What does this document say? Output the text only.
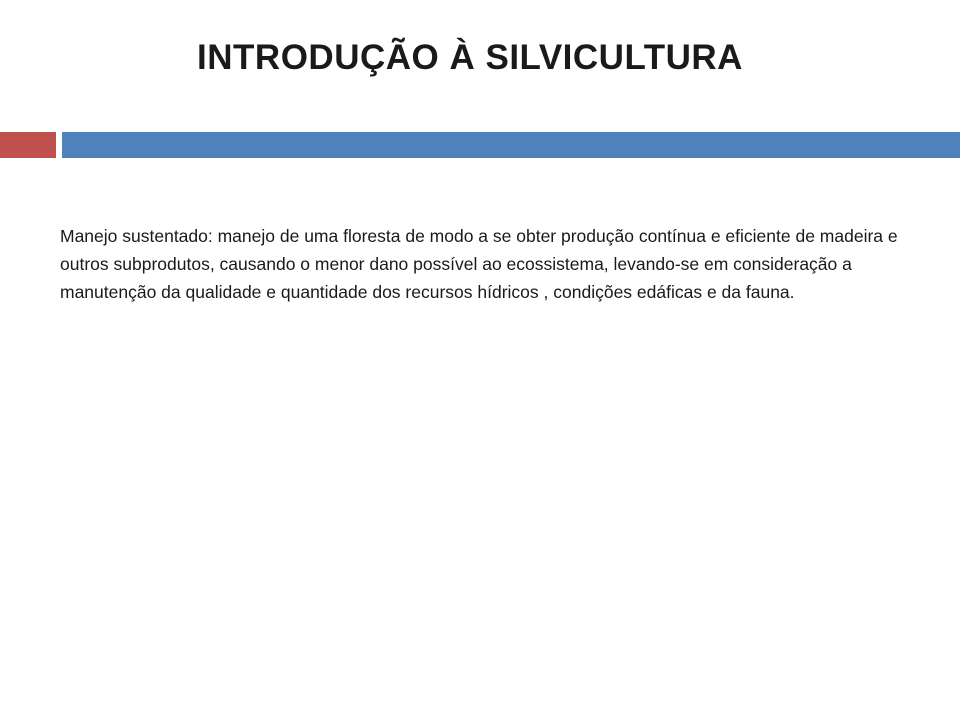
INTRODUÇÃO À SILVICULTURA

Manejo sustentado: manejo de uma floresta de modo a se obter produção contínua e eficiente de madeira e outros subprodutos, causando o menor dano possível ao ecossistema, levando-se em consideração a manutenção da qualidade e quantidade dos recursos hídricos , condições edáficas e da fauna.
